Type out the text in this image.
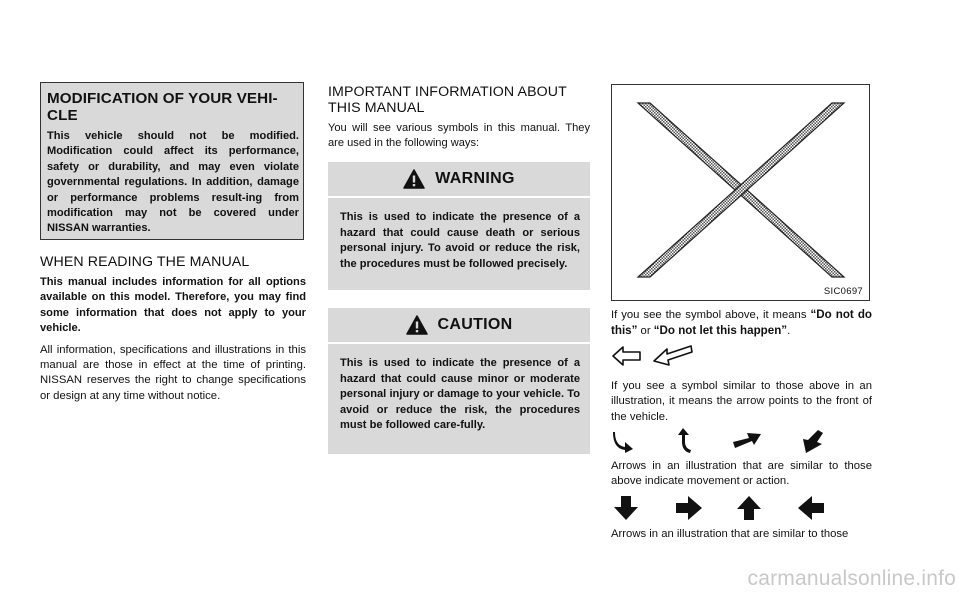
MODIFICATION OF YOUR VEHI-CLE

This vehicle should not be modified. Modification could affect its performance, safety or durability, and may even violate governmental regulations. In addition, damage or performance problems result-ing from modification may not be covered under NISSAN warranties.

WHEN READING THE MANUAL

This manual includes information for all options available on this model. Therefore, you may find some information that does not apply to your vehicle.

All information, specifications and illustrations in this manual are those in effect at the time of printing. NISSAN reserves the right to change specifications or design at any time without notice.

IMPORTANT INFORMATION ABOUT THIS MANUAL

You will see various symbols in this manual. They are used in the following ways:

WARNING
This is used to indicate the presence of a hazard that could cause death or serious personal injury. To avoid or reduce the risk, the procedures must be followed precisely.
CAUTION
This is used to indicate the presence of a hazard that could cause minor or moderate personal injury or damage to your vehicle. To avoid or reduce the risk, the procedures must be followed care-fully.
SIC0697

If you see the symbol above, it means “Do not do this” or “Do not let this happen”.

If you see a symbol similar to those above in an illustration, it means the arrow points to the front of the vehicle.

Arrows in an illustration that are similar to those above indicate movement or action.

Arrows in an illustration that are similar to those

carmanualsonline.info
